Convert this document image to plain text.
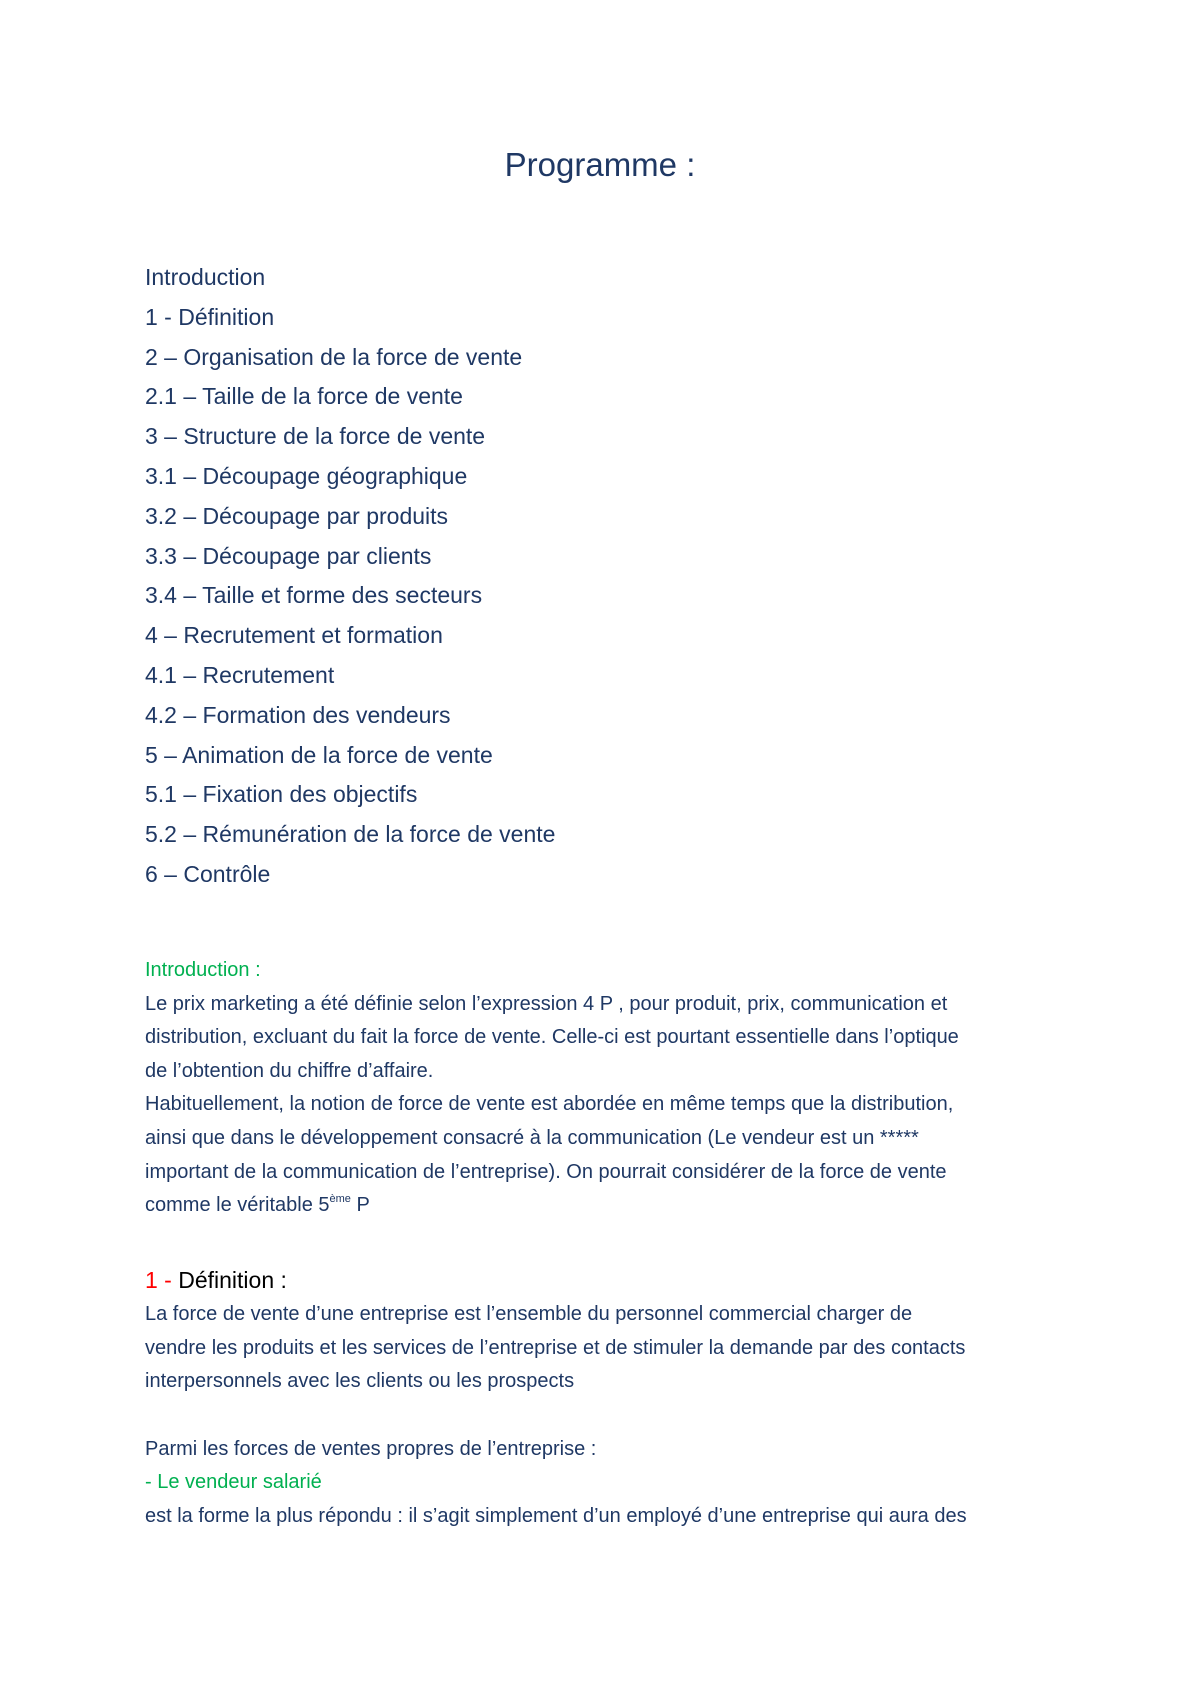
Programme :
Introduction
1 - Définition
2 – Organisation de la force de vente
2.1 – Taille de la force de vente
3 – Structure de la force de vente
3.1 – Découpage géographique
3.2 – Découpage par produits
3.3 – Découpage par clients
3.4 – Taille et forme des secteurs
4 – Recrutement et formation
4.1 – Recrutement
4.2 – Formation des vendeurs
5 – Animation de la force de vente
5.1 – Fixation des objectifs
5.2 – Rémunération de la force de vente
6 – Contrôle

Introduction :

Le prix marketing a été définie selon l’expression 4 P , pour produit, prix, communication et

distribution, excluant du fait la force de vente. Celle-ci est pourtant essentielle dans l’optique

de l’obtention du chiffre d’affaire.

Habituellement, la notion de force de vente est abordée en même temps que la distribution,

ainsi que dans le développement consacré à la communication (Le vendeur est un *****

important de la communication de l’entreprise). On pourrait considérer de la force de vente

comme le véritable 5ème P

1 - Définition :

La force de vente d’une entreprise est l’ensemble du personnel commercial charger de

vendre les produits et les services de l’entreprise et de stimuler la demande par des contacts

interpersonnels avec les clients ou les prospects

Parmi les forces de ventes propres de l’entreprise :

- Le vendeur salarié

est la forme la plus répondu : il s’agit simplement d’un employé d’une entreprise qui aura des
